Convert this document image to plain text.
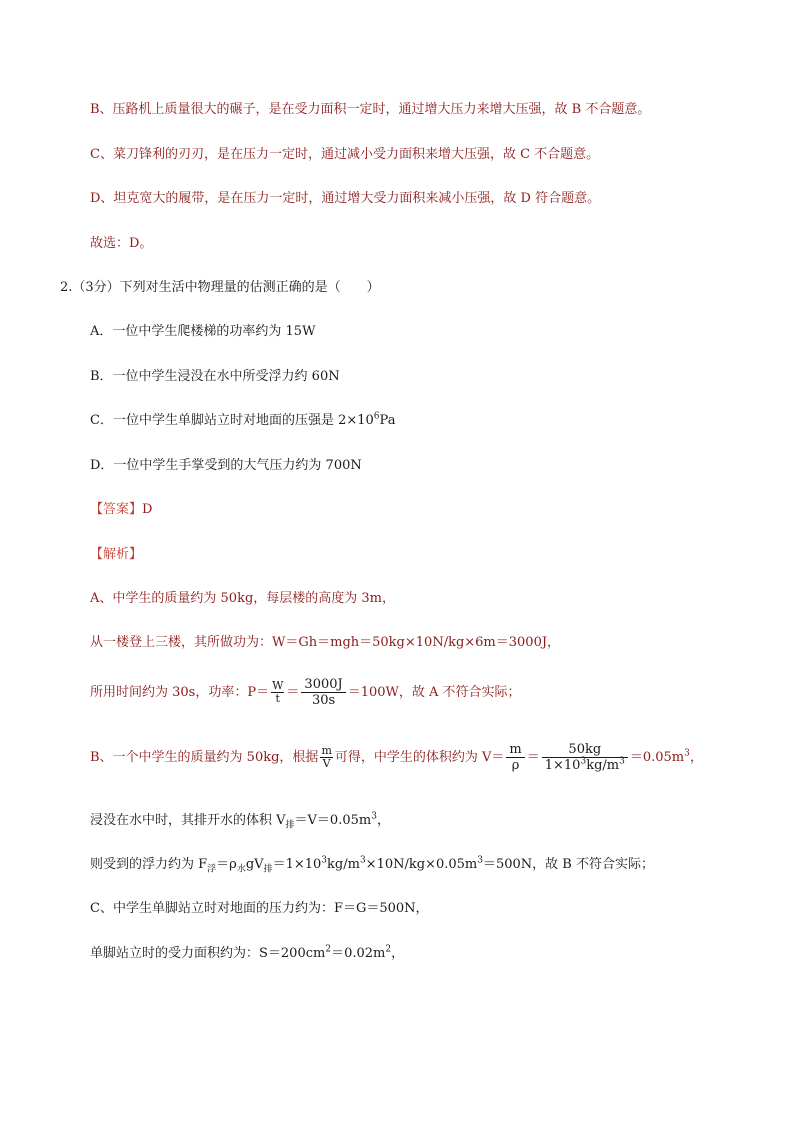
B、压路机上质量很大的碾子，是在受力面积一定时，通过增大压力来增大压强，故 B 不合题意。
C、菜刀锋利的刃刃，是在压力一定时，通过减小受力面积来增大压强，故 C 不合题意。
D、坦克宽大的履带，是在压力一定时，通过增大受力面积来减小压强，故 D 符合题意。
故选：D。
2.（3分）下列对生活中物理量的估测正确的是（　　）
A．一位中学生爬楼梯的功率约为 15W
B．一位中学生浸没在水中所受浮力约 60N
C．一位中学生单脚站立时对地面的压强是 $2\times 10^6Pa$
D．一位中学生手掌受到的大气压力约为 700N
【答案】D
【解析】
A、中学生的质量约为 50kg，每层楼的高度为 3m，
从一楼登上三楼，其所做功为：W＝Gh＝mgh＝50kg×10N/kg×6m＝3000J，
所用时间约为 30s，功率：$P= \frac{W}{t} = \frac{3000J}{30s} =100W$，故 A 不符合实际；
B、一个中学生的质量约为 50kg，根据 $\frac{m}{V}$ 可得，中学生的体积约为 $V= \frac{m}{\rho} = \frac{50kg}{1\times 10^3kg/m^3} =0.05m^3$，
浸没在水中时，其排开水的体积 $V_排=V=0.05m^3$，
则受到的浮力约为 $F_浮=\rho_水gV_排=1\times 10^3kg/m^3\times 10N/kg\times 0.05m^3=500N$，故 B 不符合实际；
C、中学生单脚站立时对地面的压力约为：F＝G＝500N，
单脚站立时的受力面积约为：$S=200cm^2=0.02m^2$，
